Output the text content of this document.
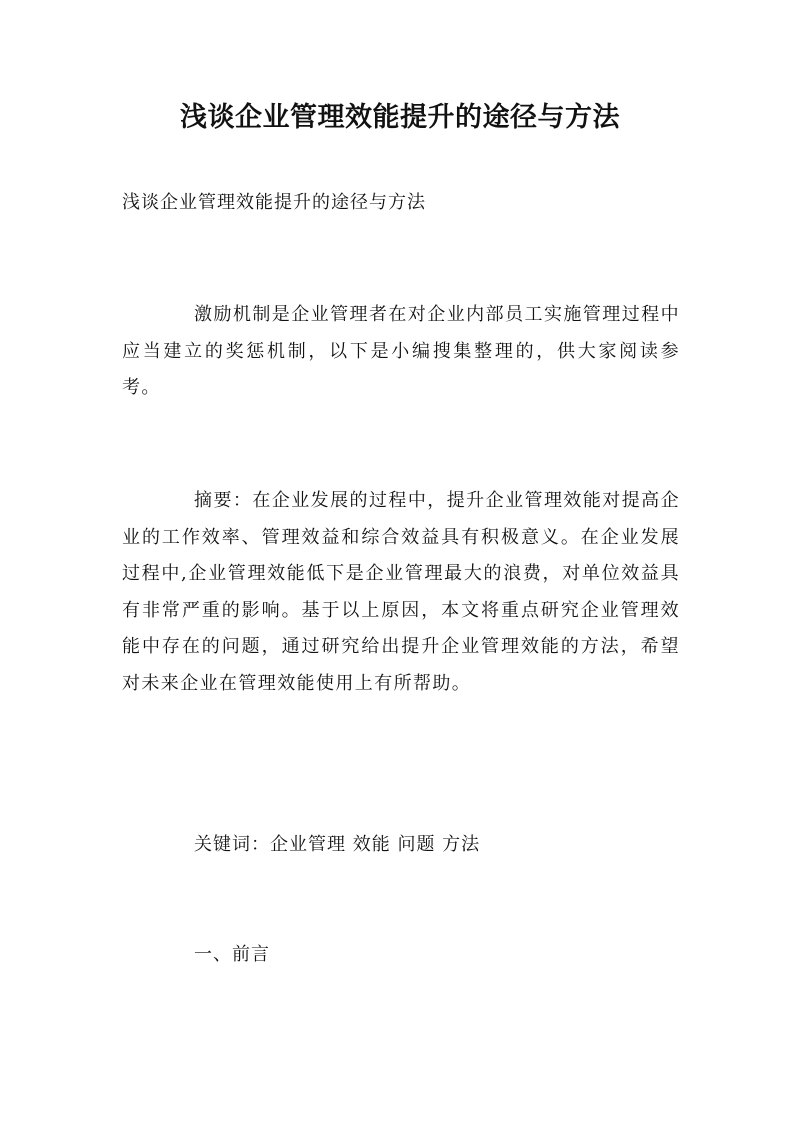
浅谈企业管理效能提升的途径与方法
浅谈企业管理效能提升的途径与方法

激励机制是企业管理者在对企业内部员工实施管理过程中应当建立的奖惩机制，以下是小编搜集整理的，供大家阅读参考。

摘要：在企业发展的过程中，提升企业管理效能对提高企业的工作效率、管理效益和综合效益具有积极意义。在企业发展过程中,企业管理效能低下是企业管理最大的浪费，对单位效益具有非常严重的影响。基于以上原因，本文将重点研究企业管理效能中存在的问题，通过研究给出提升企业管理效能的方法，希望对未来企业在管理效能使用上有所帮助。

关键词：企业管理 效能 问题 方法

一、前言
